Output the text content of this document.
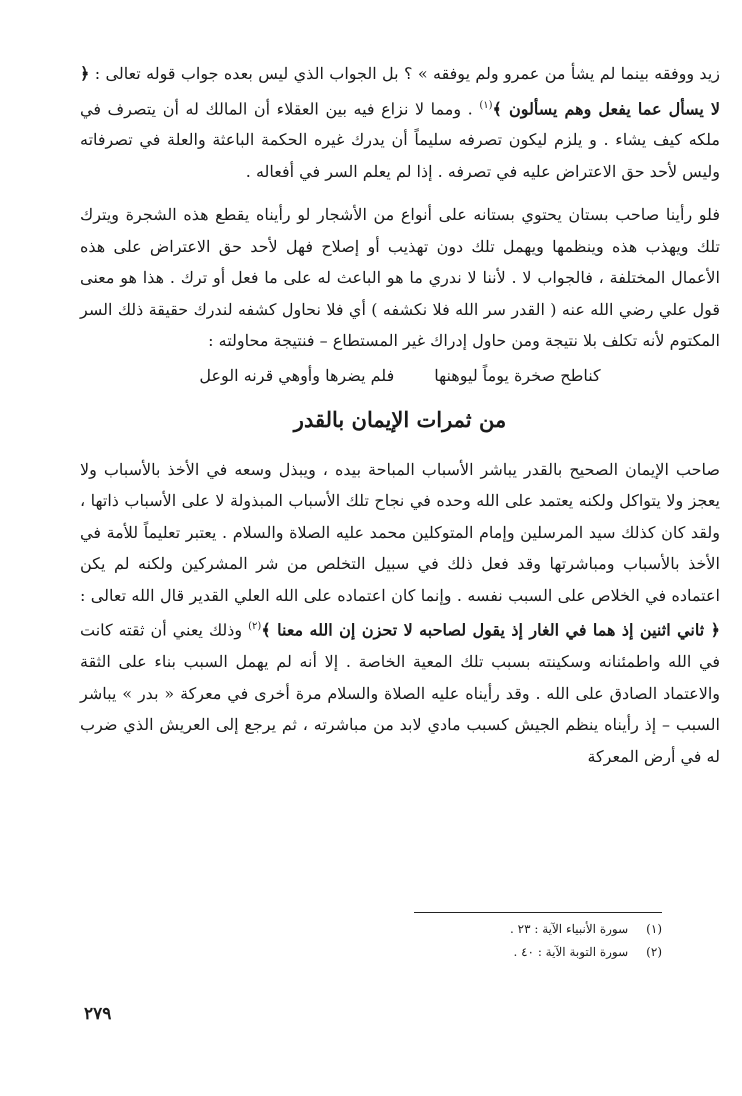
زيد ووفقه بينما لم يشأ من عمرو ولم يوفقه » ؟ بل الجواب الذي ليس بعده جواب قوله تعالى : ﴿ لا يسأل عما يفعل وهم يسألون ﴾$^{(١)}$ . ومما لا نزاع فيه بين العقلاء أن المالك له أن يتصرف في ملكه كيف يشاء . و يلزم ليكون تصرفه سليماً أن يدرك غيره الحكمة الباعثة والعلة في تصرفاته وليس لأحد حق الاعتراض عليه في تصرفه . إذا لم يعلم السر في أفعاله .
فلو رأينا صاحب بستان يحتوي بستانه على أنواع من الأشجار لو رأيناه يقطع هذه الشجرة ويترك تلك ويهذب هذه وينظمها ويهمل تلك دون تهذيب أو إصلاح فهل لأحد حق الاعتراض على هذه الأعمال المختلفة ، فالجواب لا . لأننا لا ندري ما هو الباعث له على ما فعل أو ترك . هذا هو معنى قول علي رضي الله عنه ( القدر سر الله فلا نكشفه ) أي فلا نحاول كشفه لندرك حقيقة ذلك السر المكتوم لأنه تكلف بلا نتيجة ومن حاول إدراك غير المستطاع – فنتيجة محاولته :
كناطح صخرة يوماً ليوهنها
فلم يضرها وأوهي قرنه الوعل
من ثمرات الإيمان بالقدر
صاحب الإيمان الصحيح بالقدر يباشر الأسباب المباحة بيده ، ويبذل وسعه في الأخذ بالأسباب ولا يعجز ولا يتواكل ولكنه يعتمد على الله وحده في نجاح تلك الأسباب المبذولة لا على الأسباب ذاتها ، ولقد كان كذلك سيد المرسلين وإمام المتوكلين محمد عليه الصلاة والسلام . يعتبر تعليماً للأمة في الأخذ بالأسباب ومباشرتها وقد فعل ذلك في سبيل التخلص من شر المشركين ولكنه لم يكن اعتماده في الخلاص على السبب نفسه . وإنما كان اعتماده على الله العلي القدير قال الله تعالى : ﴿ ثاني اثنين إذ هما في الغار إذ يقول لصاحبه لا تحزن إن الله معنا ﴾$^{(٢)}$ وذلك يعني أن ثقته كانت في الله واطمئنانه وسكينته بسبب تلك المعية الخاصة . إلا أنه لم يهمل السبب بناء على الثقة والاعتماد الصادق على الله . وقد رأيناه عليه الصلاة والسلام مرة أخرى في معركة « بدر » يباشر السبب – إذ رأيناه ينظم الجيش كسبب مادي لابد من مباشرته ، ثم يرجع إلى العريش الذي ضرب له في أرض المعركة
(١)
سورة الأنبياء الآية : ٢٣ .
(٢)
سورة التوبة الآية : ٤٠ .
٢٧٩
